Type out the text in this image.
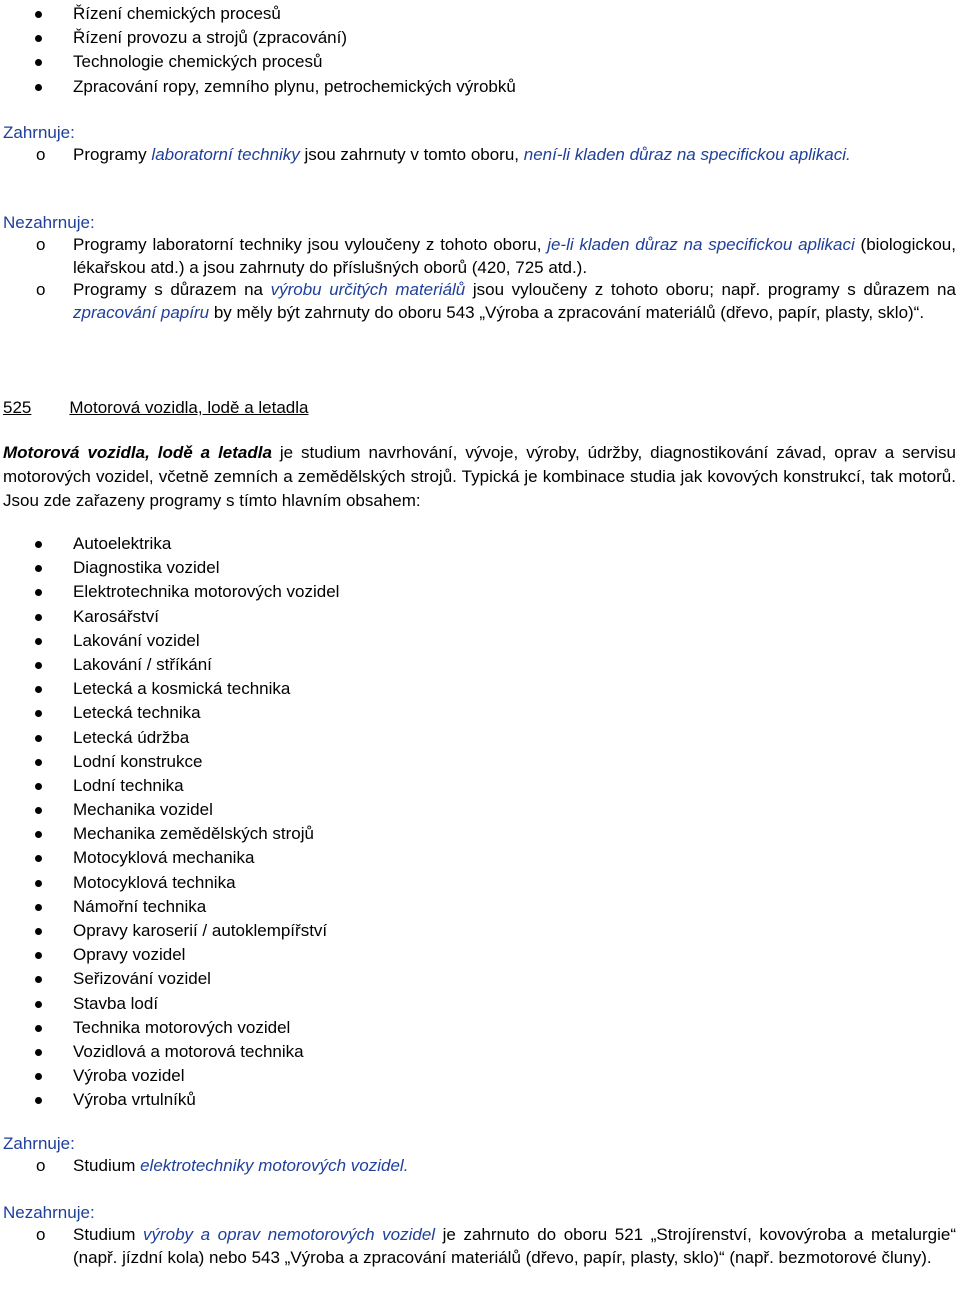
Řízení chemických procesů
Řízení provozu a strojů (zpracování)
Technologie chemických procesů
Zpracování ropy, zemního plynu, petrochemických výrobků
Zahrnuje:
o Programy laboratorní techniky jsou zahrnuty v tomto oboru, není-li kladen důraz na specifickou aplikaci.
Nezahrnuje:
o Programy laboratorní techniky jsou vyloučeny z tohoto oboru, je-li kladen důraz na specifickou aplikaci (biologickou, lékařskou atd.) a jsou zahrnuty do příslušných oborů (420, 725 atd.).
o Programy s důrazem na výrobu určitých materiálů jsou vyloučeny z tohoto oboru; např. programy s důrazem na zpracování papíru by měly být zahrnuty do oboru 543 „Výroba a zpracování materiálů (dřevo, papír, plasty, sklo)“.
525 Motorová vozidla, lodě a letadla
Motorová vozidla, lodě a letadla je studium navrhování, vývoje, výroby, údržby, diagnostikování závad, oprav a servisu motorových vozidel, včetně zemních a zemědělských strojů. Typická je kombinace studia jak kovových konstrukcí, tak motorů. Jsou zde zařazeny programy s tímto hlavním obsahem:
Autoelektrika
Diagnostika vozidel
Elektrotechnika motorových vozidel
Karosářství
Lakování vozidel
Lakování / stříkání
Letecká a kosmická technika
Letecká technika
Letecká údržba
Lodní konstrukce
Lodní technika
Mechanika vozidel
Mechanika zemědělských strojů
Motocyklová mechanika
Motocyklová technika
Námořní technika
Opravy karoserií / autoklempířství
Opravy vozidel
Seřizování vozidel
Stavba lodí
Technika motorových vozidel
Vozidlová a motorová technika
Výroba vozidel
Výroba vrtulníků
Zahrnuje:
o Studium elektrotechniky motorových vozidel.
Nezahrnuje:
o Studium výroby a oprav nemotorových vozidel je zahrnuto do oboru 521 „Strojírenství, kovovýroba a metalurgie“ (např. jízdní kola) nebo 543 „Výroba a zpracování materiálů (dřevo, papír, plasty, sklo)“ (např. bezmotorové čluny).
